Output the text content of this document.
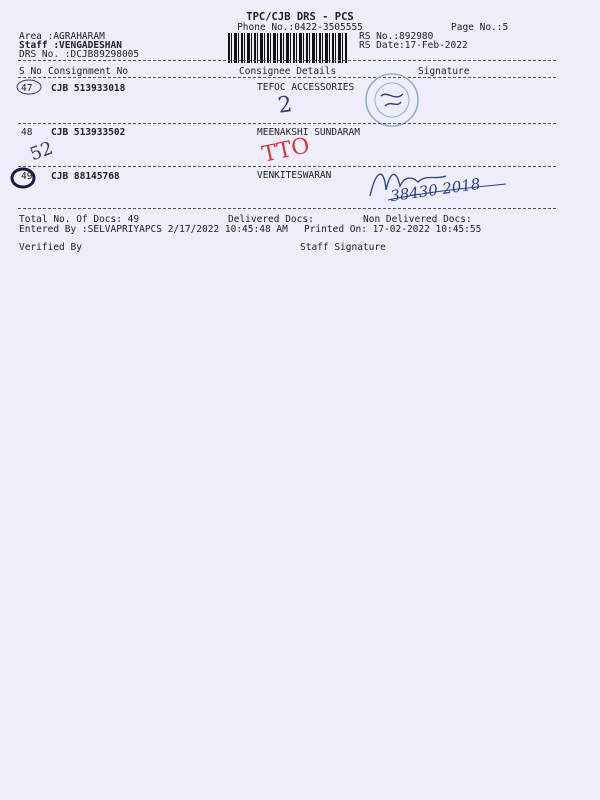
TPC/CJB DRS - PCS
Phone No.:0422-3505555	Page No.:5
Area :AGRAHARAM
Staff :VENGADESHAN
DRS No. :DCJB89298005
RS No.:892980
RS Date:17-Feb-2022
S No Consignment No	Consignee Details	Signature
47 CJB 513933018	TEFOC ACCESSORIES
2
48 CJB 513933502	MEENAKSHI SUNDARAM
52	TTO
49 CJB 88145768	VENKITESWARAN	38430 2018
Total No. Of Docs: 49	Delivered Docs:	Non Delivered Docs:
Entered By :SELVAPRIYAPCS 2/17/2022 10:45:48 AM Printed On: 17-02-2022 10:45:55
Verified By	Staff Signature
